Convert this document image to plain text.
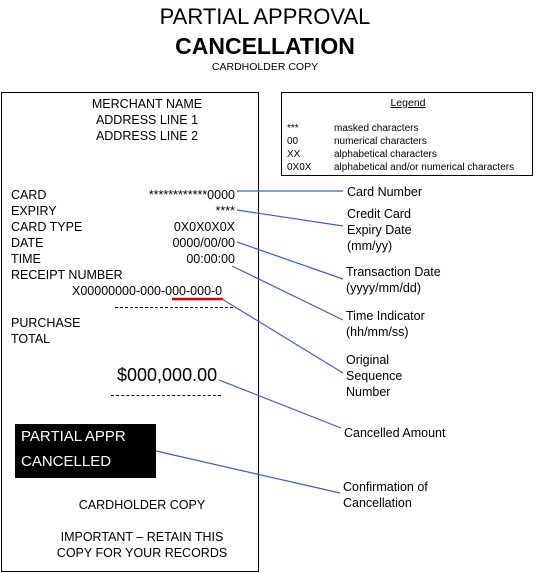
PARTIAL APPROVAL
CANCELLATION
CARDHOLDER COPY
MERCHANT NAME
ADDRESS LINE 1
ADDRESS LINE 2
CARD	************0000
EXPIRY	****
CARD TYPE	0X0X0X0X
DATE	0000/00/00
TIME	00:00:00
RECEIPT NUMBER
X00000000-000-000-000-0
PURCHASE
TOTAL
$000,000.00
PARTIAL APPR
CANCELLED
CARDHOLDER COPY
IMPORTANT – RETAIN THIS
COPY FOR YOUR RECORDS
Legend
***	masked characters
00	numerical characters
XX	alphabetical characters
0X0X alphabetical and/or numerical characters
Card Number
Credit Card Expiry Date (mm/yy)
Transaction Date (yyyy/mm/dd)
Time Indicator (hh/mm/ss)
Original Sequence Number
Cancelled Amount
Confirmation of Cancellation
